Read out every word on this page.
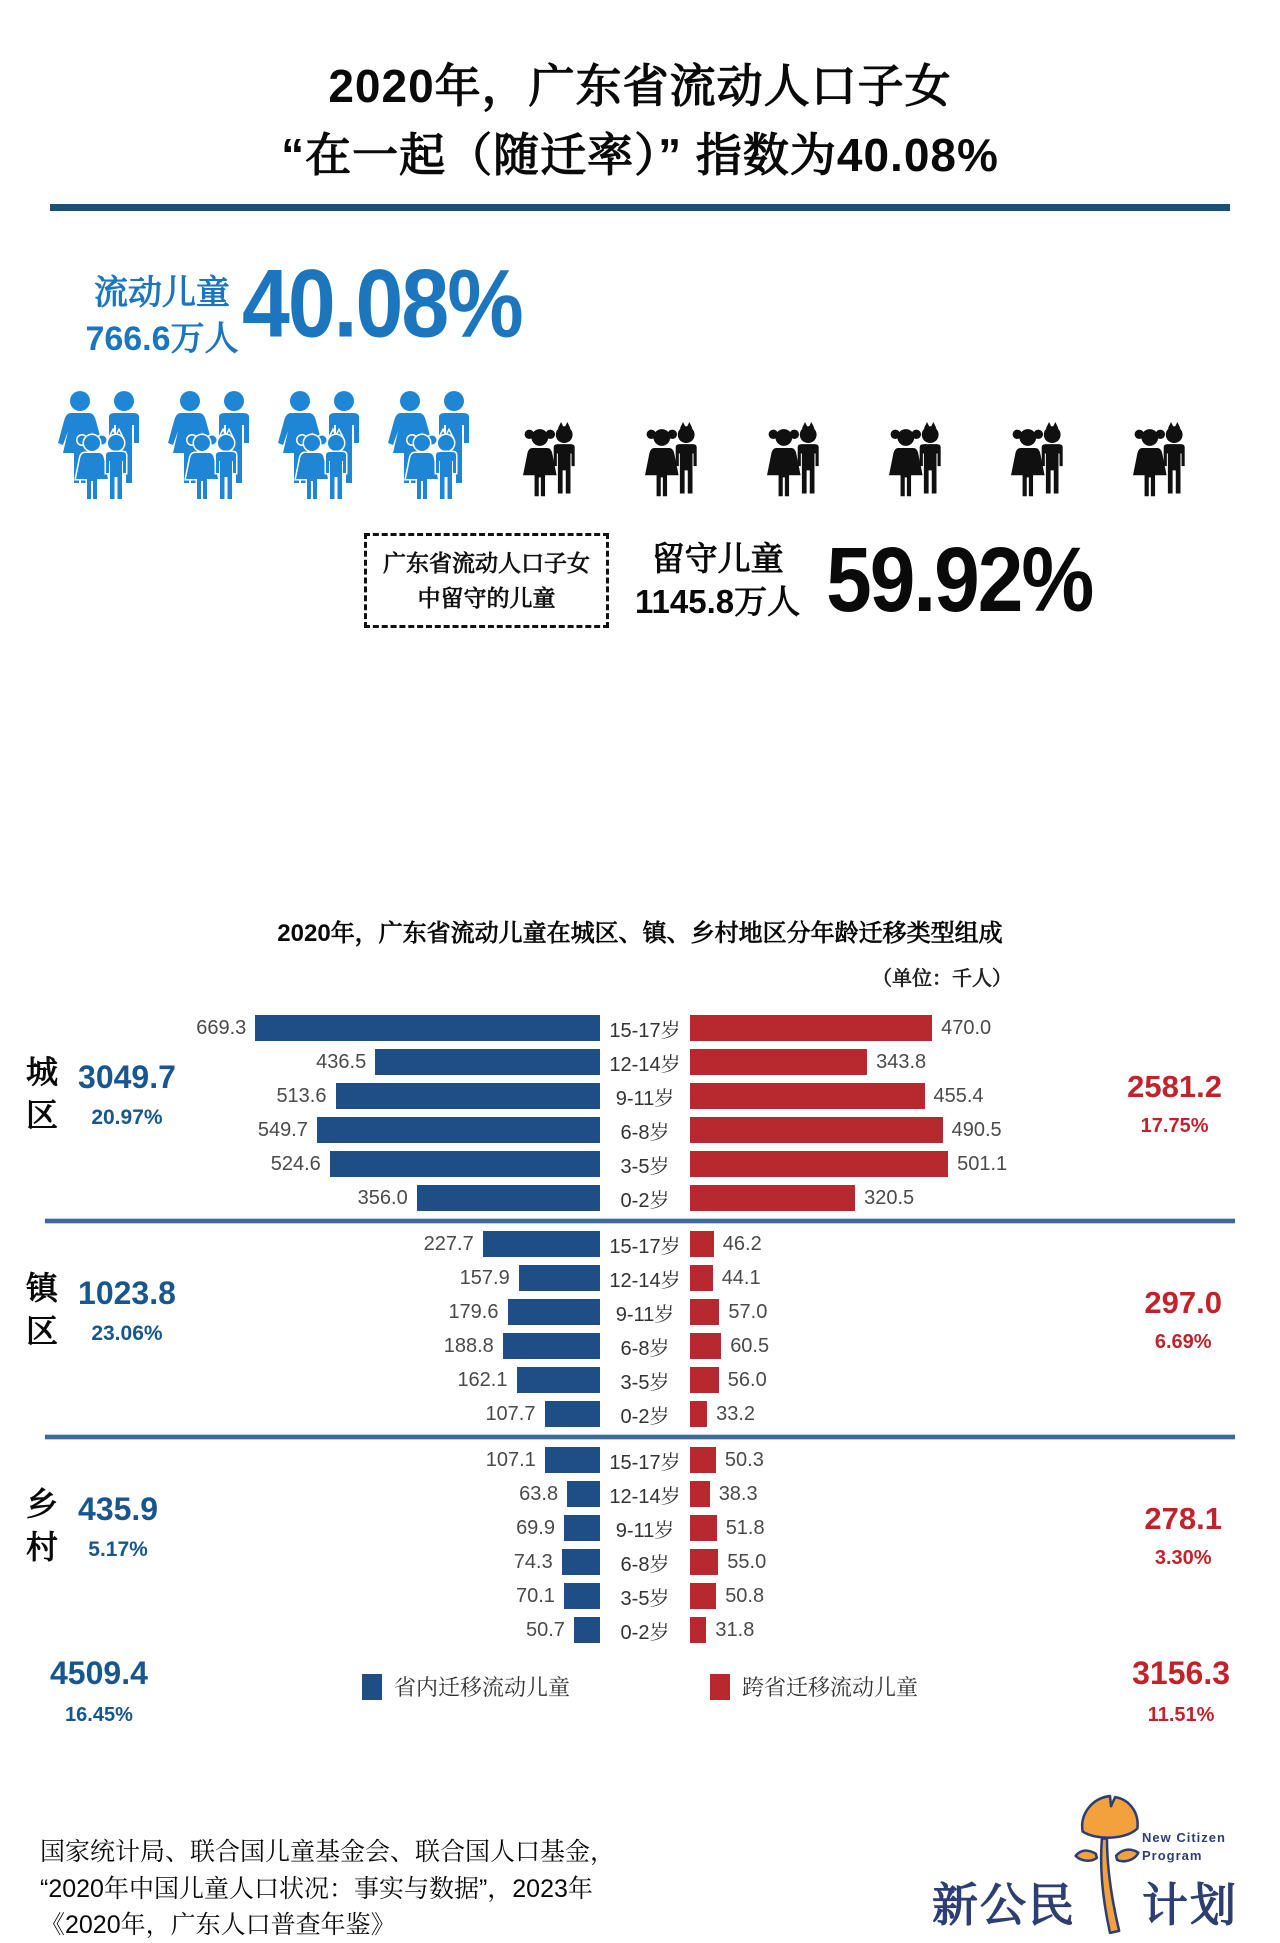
2020年，广东省流动人口子女
“在一起（随迁率）” 指数为40.08%
流动儿童
766.6万人 40.08%
广东省流动人口子女
中留守的儿童
留守儿童
1145.8万人 59.92%
2020年，广东省流动儿童在城区、镇、乡村地区分年龄迁移类型组成
（单位：千人）
669.3	15-17岁	470.0
436.5	12-14岁	343.8
513.6	9-11岁	455.4
549.7	6-8岁	490.5
524.6	3-5岁	501.1
356.0	0-2岁	320.5
城
区
3049.7
20.97%
2581.2
17.75%
227.7	15-17岁	46.2
157.9	12-14岁	44.1
179.6	9-11岁	57.0
188.8	6-8岁	60.5
162.1	3-5岁	56.0
107.7	0-2岁	33.2
镇
区
1023.8
23.06%
297.0
6.69%
107.1	15-17岁	50.3
63.8	12-14岁	38.3
69.9	9-11岁	51.8
74.3	6-8岁	55.0
70.1	3-5岁	50.8
50.7	0-2岁	31.8
乡
村
435.9
5.17%
278.1
3.30%
4509.4
16.45%
省内迁移流动儿童	跨省迁移流动儿童	3156.3
11.51%
国家统计局、联合国儿童基金会、联合国人口基金，
“2020年中国儿童人口状况：事实与数据”，2023年
《2020年，广东人口普查年鉴》	新公民
New Citizen
Program
计划
